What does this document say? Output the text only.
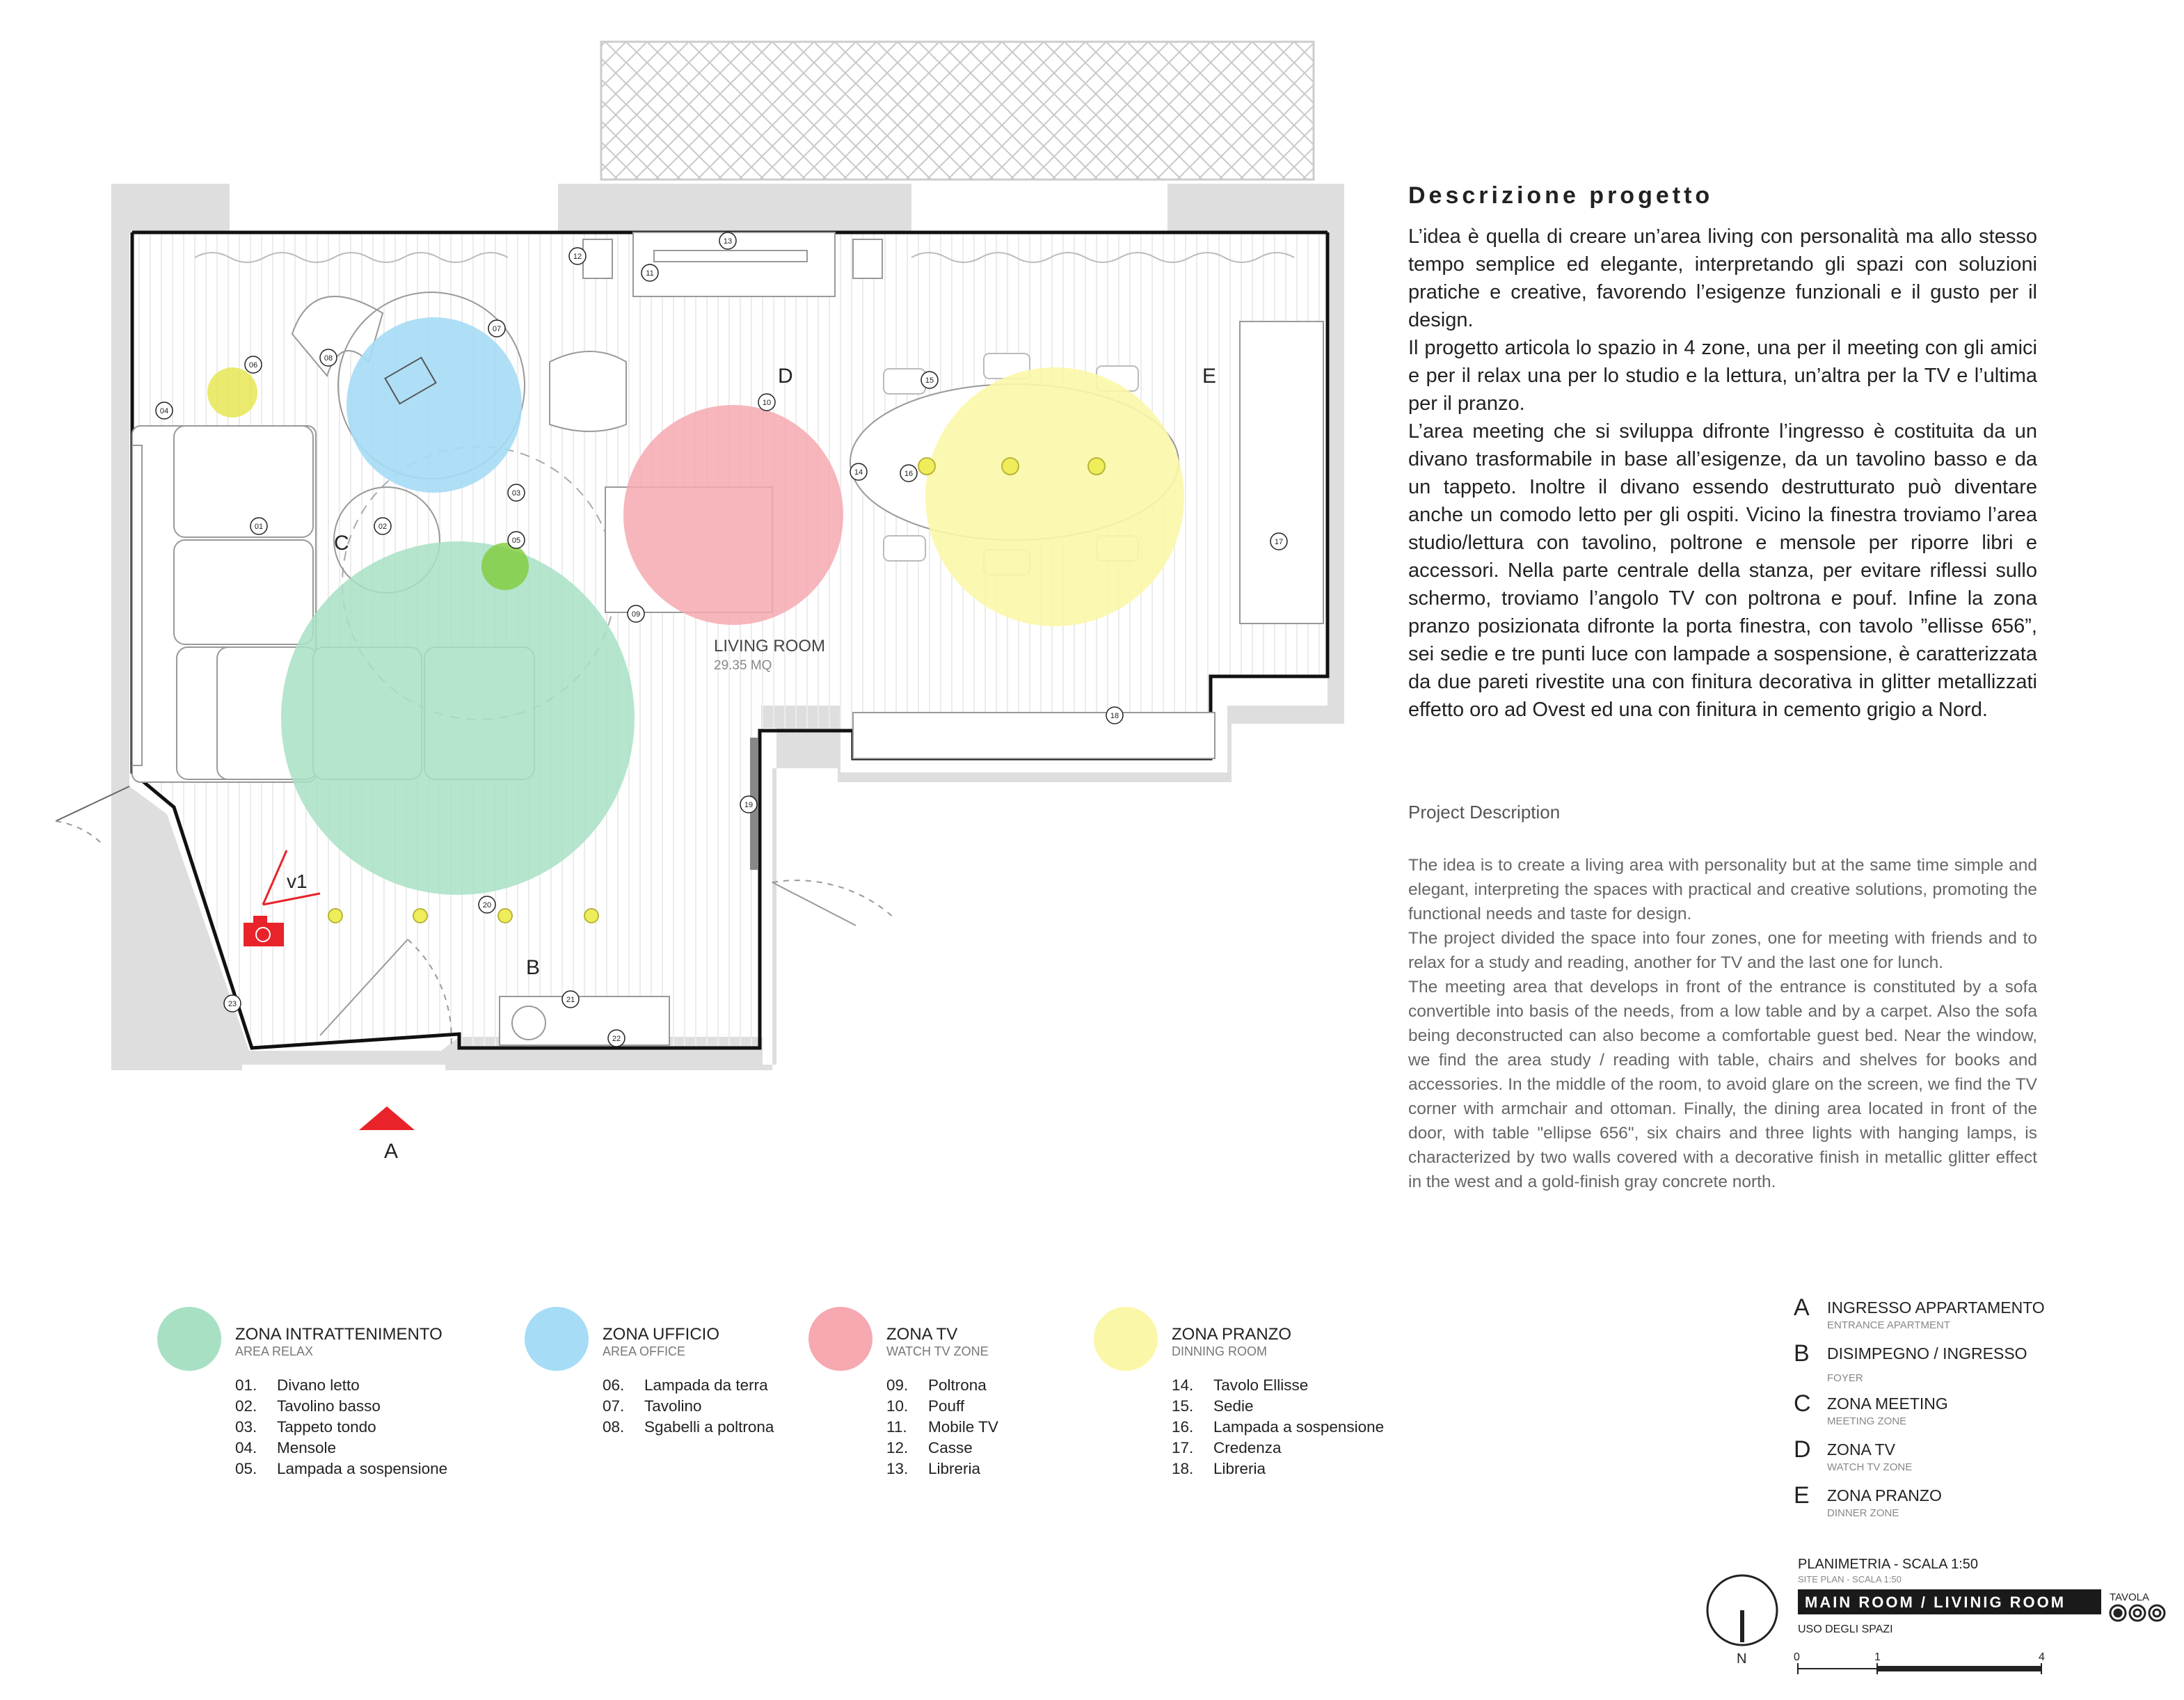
v1
LIVING ROOM
29.35 MQ
A
B
C
D	E
01	02
03
04
05
06
07
08
09
10
11
12
13
14
15
16
17
18
19
20
21
22
23
Descrizione progetto

L’idea è quella di creare un’area living con personalità ma allo stesso tempo semplice ed elegante, interpretando gli spazi con soluzioni pratiche e creative, favorendo l’esigenze funzionali e il gusto per il design.

Il progetto articola lo spazio in 4 zone, una per il meeting con gli amici e per il relax una per lo studio e la lettura, un’altra per la TV e l’ultima per il pranzo.

L’area meeting che si sviluppa difronte l’ingresso è costituita da un divano trasformabile in base all’esigenze, da un tavolino basso e da un tappeto. Inoltre il divano essendo destrutturato può diventare anche un comodo letto per gli ospiti. Vicino la finestra troviamo l’area studio/lettura con tavolino, poltrone e mensole per riporre libri e accessori. Nella parte centrale della stanza, per evitare riflessi sullo schermo, troviamo l’angolo TV con poltrona e pouf. Infine la zona pranzo posizionata difronte la porta finestra, con tavolo ”ellisse 656”, sei sedie e tre punti luce con lampade a sospensione, è caratterizzata da due pareti rivestite una con finitura decorativa in glitter metallizzati effetto oro ad Ovest ed una con finitura in cemento grigio a Nord.

Project Description

The idea is to create a living area with personality but at the same time simple and elegant, interpreting the spaces with practical and creative solutions, promoting the functional needs and taste for design.

The project divided the space into four zones, one for meeting with friends and to relax for a study and reading, another for TV and the last one for lunch.

The meeting area that develops in front of the entrance is constituted by a sofa convertible into basis of the needs, from a low table and by a carpet. Also the sofa being deconstructed can also become a comfortable guest bed. Near the window, we find the area study / reading with table, chairs and shelves for books and accessories. In the middle of the room, to avoid glare on the screen, we find the TV corner with armchair and ottoman. Finally, the dining area located in front of the door, with table "ellipse 656", six chairs and three lights with hanging lamps, is characterized by two walls covered with a decorative finish in metallic glitter effect in the west and a gold-finish gray concrete north.

ZONA INTRATTENIMENTO
AREA RELAX
01. Divano letto
02. Tavolino basso
03. Tappeto tondo
04. Mensole
05. Lampada a sospensione
ZONA UFFICIO
AREA OFFICE
06. Lampada da terra
07. Tavolino
08. Sgabelli a poltrona
ZONA TV
WATCH TV ZONE
09. Poltrona
10. Pouff
11. Mobile TV
12. Casse
13. Libreria
ZONA PRANZO
DINNING ROOM
14. Tavolo Ellisse
15. Sedie
16. Lampada a sospensione
17. Credenza
18. Libreria
A INGRESSO APPARTAMENTO
ENTRANCE APARTMENT
B DISIMPEGNO / INGRESSO
FOYER
C ZONA MEETING
MEETING ZONE
D ZONA TV
WATCH TV ZONE
E ZONA PRANZO
DINNER ZONE
N
PLANIMETRIA - SCALA 1:50
SITE PLAN - SCALA 1:50
MAIN ROOM / LIVINIG ROOM	TAVOLA
USO DEGLI SPAZI
0	1	4
